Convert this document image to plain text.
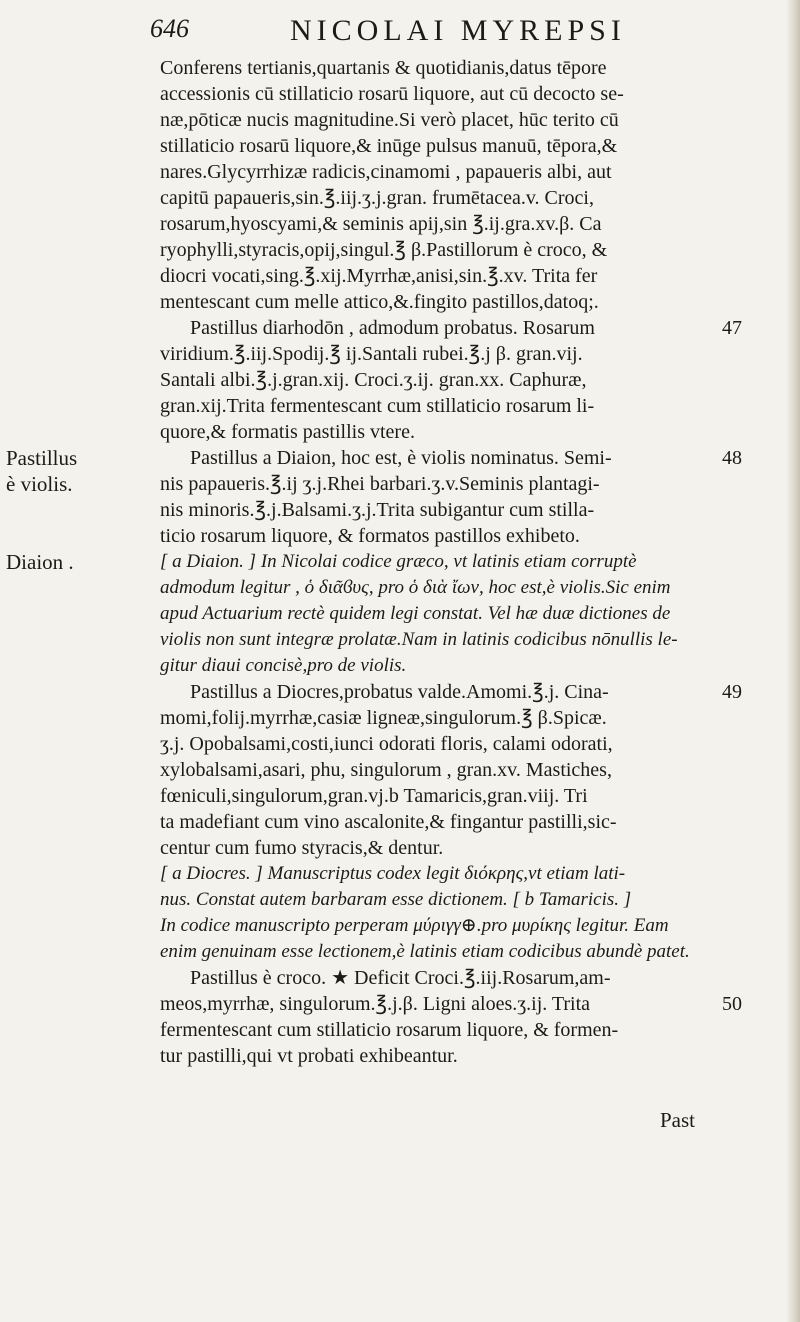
646	NICOLAI MYREPSI
Conferens tertianis,quartanis & quotidianis,datus tēpore
accessionis cū stillaticio rosarū liquore, aut cū decocto se-
næ,pōticæ nucis magnitudine.Si verò placet, hūc terito cū
stillaticio rosarū liquore,& inūge pulsus manuū, tēpora,&
nares.Glycyrrhizæ radicis,cinamomi , papaueris albi, aut
capitū papaueris,sin.℥.iij.ʒ.j.gran. frumētacea.v. Croci,
rosarum,hyoscyami,& seminis apij,sin ℥.ij.gra.xv.β. Ca
ryophylli,styracis,opij,singul.℥ β.Pastillorum è croco, &
diocri vocati,sing.℥.xij.Myrrhæ,anisi,sin.℥.xv. Trita fer
mentescant cum melle attico,&.fingito pastillos,datoq;.
Pastillus diarhodōn , admodum probatus. Rosarum
viridium.℥.iij.Spodij.℥ ij.Santali rubei.℥.j β. gran.vij.
Santali albi.℥.j.gran.xij. Croci.ʒ.ij. gran.xx. Caphuræ,
gran.xij.Trita fermentescant cum stillaticio rosarum li-
quore,& formatis pastillis vtere.
Pastillus a Diaion, hoc est, è violis nominatus. Semi-
nis papaueris.℥.ij ʒ.j.Rhei barbari.ʒ.v.Seminis plantagi-
nis minoris.℥.j.Balsami.ʒ.j.Trita subigantur cum stilla-
ticio rosarum liquore, & formatos pastillos exhibeto.
[ a Diaion. ] In Nicolai codice græco, vt latinis etiam corruptè
admodum legitur , ὁ διᾶϐυς, pro ὁ διὰ ἴων, hoc est,è violis.Sic enim
apud Actuarium rectè quidem legi constat. Vel hæ duæ dictiones de
violis non sunt integræ prolatæ.Nam in latinis codicibus nōnullis le-
gitur diaui concisè,pro de violis.
Pastillus a Diocres,probatus valde.Amomi.℥.j. Cina-
momi,folij.myrrhæ,casiæ ligneæ,singulorum.℥ β.Spicæ.
ʒ.j. Opobalsami,costi,iunci odorati floris, calami odorati,
xylobalsami,asari, phu, singulorum , gran.xv. Mastiches,
fœniculi,singulorum,gran.vj.b Tamaricis,gran.viij. Tri
ta madefiant cum vino ascalonite,& fingantur pastilli,sic-
centur cum fumo styracis,& dentur.
[ a Diocres. ] Manuscriptus codex legit διόκρης,vt etiam lati-
nus. Constat autem barbaram esse dictionem. [ b Tamaricis. ]
In codice manuscripto perperam μύριγγ⊕.pro μυρίκης legitur. Eam
enim genuinam esse lectionem,è latinis etiam codicibus abundè patet.
Pastillus è croco. ★ Deficit Croci.℥.iij.Rosarum,am-
meos,myrrhæ, singulorum.℥.j.β. Ligni aloes.ʒ.ij. Trita
fermentescant cum stillaticio rosarum liquore, & formen-
tur pastilli,qui vt probati exhibeantur.
47
48
49
50
Pastillus
è violis.
Diaion .
Past
